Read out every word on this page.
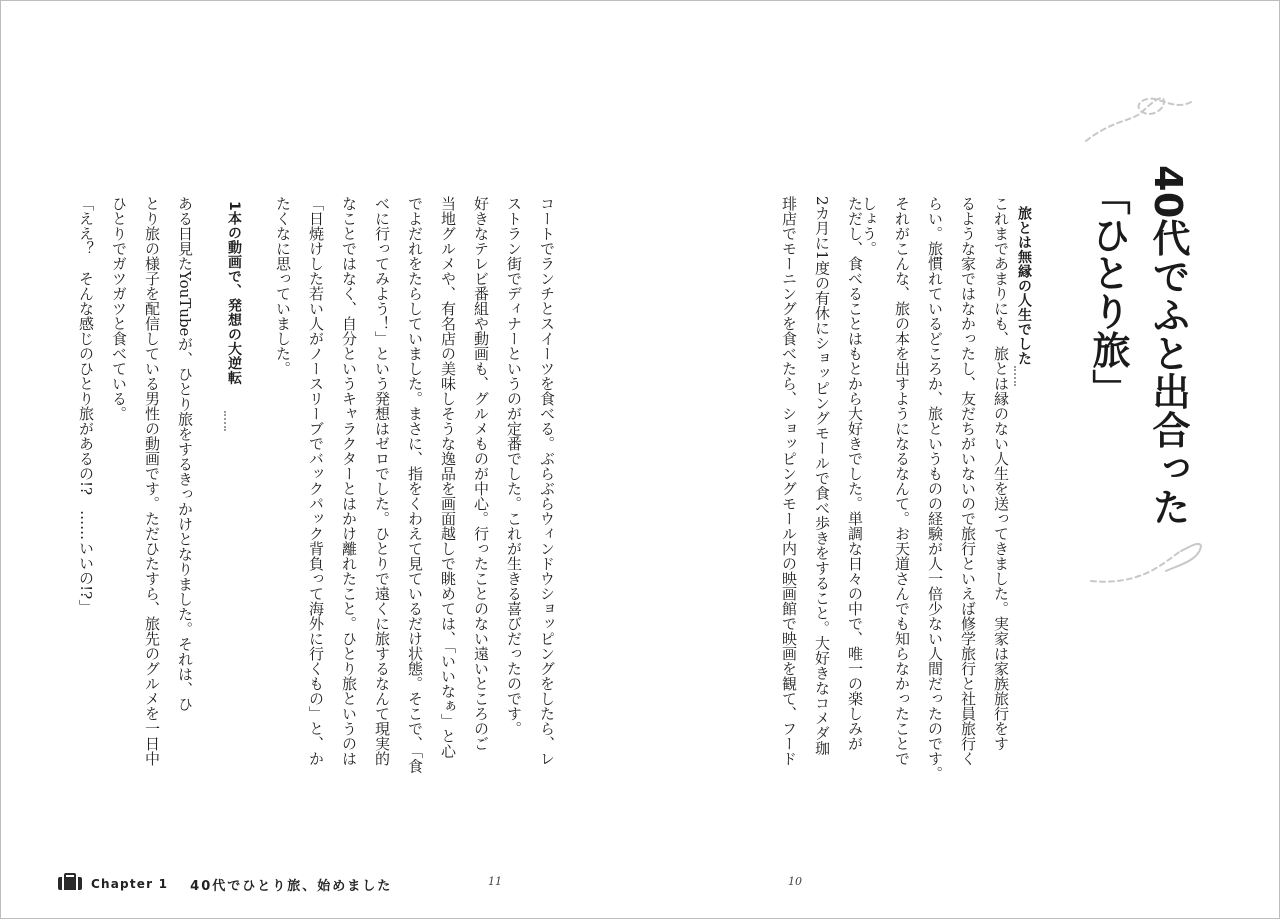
40代でふと出合った
「ひとり旅」
旅とは無縁の人生でした
これまであまりにも、旅とは縁のない人生を送ってきました。実家は家族旅行をす
るような家ではなかったし、友だちがいないので旅行といえば修学旅行と社員旅行く
らい。旅慣れているどころか、旅というものの経験が人一倍少ない人間だったのです。
それがこんな、旅の本を出すようになるなんて。お天道さんでも知らなかったことで
しょう。
ただし、食べることはもとから大好きでした。単調な日々の中で、唯一の楽しみが
2カ月に1度の有休にショッピングモールで食べ歩きをすること。大好きなコメダ珈
琲店でモーニングを食べたら、ショッピングモール内の映画館で映画を観て、フード
コートでランチとスイーツを食べる。ぶらぶらウィンドウショッピングをしたら、レ
ストラン街でディナーというのが定番でした。これが生きる喜びだったのです。
好きなテレビ番組や動画も、グルメものが中心。行ったことのない遠いところのご
当地グルメや、有名店の美味しそうな逸品を画面越しで眺めては、「いいなぁ」と心
でよだれをたらしていました。まさに、指をくわえて見ているだけ状態。そこで、「食
べに行ってみよう！」という発想はゼロでした。ひとりで遠くに旅するなんて現実的
なことではなく、自分というキャラクターとはかけ離れたこと。ひとり旅というのは
「日焼けした若い人がノースリーブでバックパック背負って海外に行くもの」と、か
たくなに思っていました。
1本の動画で、発想の大逆転
ある日見たYouTubeが、ひとり旅をするきっかけとなりました。それは、ひ
とり旅の様子を配信している男性の動画です。ただひたすら、旅先のグルメを一日中
ひとりでガツガツと食べている。
「ええ？　そんな感じのひとり旅があるの!?　……いいの!?」
Chapter 1 40代でひとり旅、始めました	11	10
